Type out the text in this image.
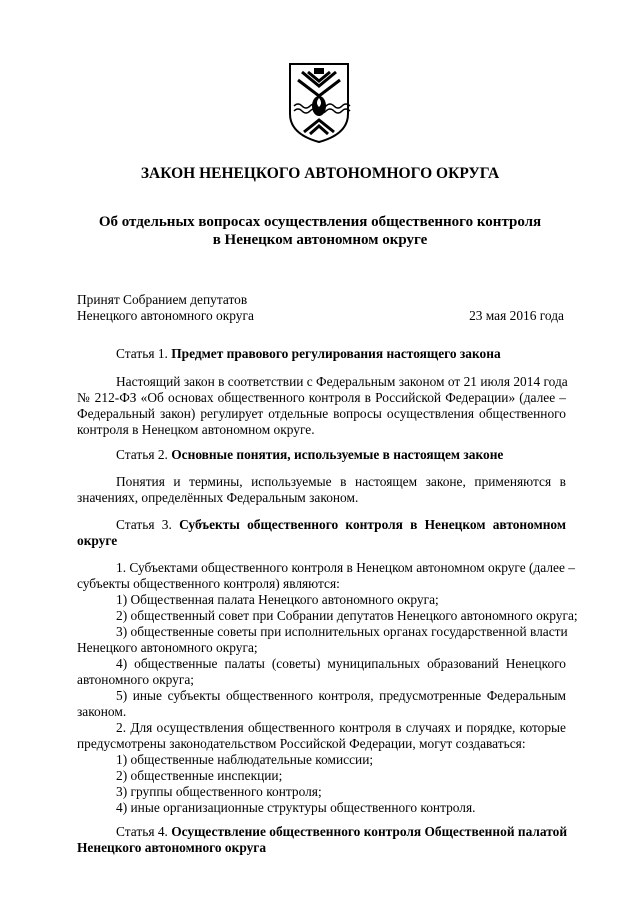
ЗАКОН НЕНЕЦКОГО АВТОНОМНОГО ОКРУГА
Об отдельных вопросах осуществления общественного контроля
в Ненецком автономном округе
Принят Собранием депутатов
Ненецкого автономного округа	23 мая 2016 года
Статья 1. Предмет правового регулирования настоящего закона
Настоящий закон в соответствии с Федеральным законом от 21 июля 2014 года
№ 212-ФЗ «Об основах общественного контроля в Российской Федерации» (далее –
Федеральный закон) регулирует отдельные вопросы осуществления общественного
контроля в Ненецком автономном округе.
Статья 2. Основные понятия, используемые в настоящем законе
Понятия и термины, используемые в настоящем законе, применяются в
значениях, определённых Федеральным законом.
Статья 3. Субъекты общественного контроля в Ненецком автономном
округе
1. Субъектами общественного контроля в Ненецком автономном округе (далее –
субъекты общественного контроля) являются:
1) Общественная палата Ненецкого автономного округа;
2) общественный совет при Собрании депутатов Ненецкого автономного округа;
3) общественные советы при исполнительных органах государственной власти
Ненецкого автономного округа;
4) общественные палаты (советы) муниципальных образований Ненецкого
автономного округа;
5) иные субъекты общественного контроля, предусмотренные Федеральным
законом.
2. Для осуществления общественного контроля в случаях и порядке, которые
предусмотрены законодательством Российской Федерации, могут создаваться:
1) общественные наблюдательные комиссии;
2) общественные инспекции;
3) группы общественного контроля;
4) иные организационные структуры общественного контроля.
Статья 4. Осуществление общественного контроля Общественной палатой
Ненецкого автономного округа
